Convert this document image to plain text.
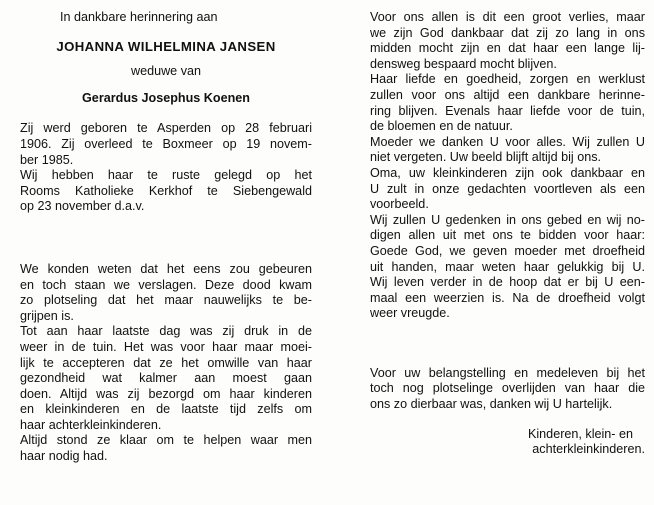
In dankbare herinnering aan
JOHANNA WILHELMINA JANSEN
weduwe van
Gerardus Josephus Koenen
Zij werd geboren te Asperden op 28 februari
1906. Zij overleed te Boxmeer op 19 novem-
ber 1985.
Wij hebben haar te ruste gelegd op het
Rooms Katholieke Kerkhof te Siebengewald
op 23 november d.a.v.
We konden weten dat het eens zou gebeuren
en toch staan we verslagen. Deze dood kwam
zo plotseling dat het maar nauwelijks te be-
grijpen is.
Tot aan haar laatste dag was zij druk in de
weer in de tuin. Het was voor haar maar moei-
lijk te accepteren dat ze het omwille van haar
gezondheid wat kalmer aan moest gaan
doen. Altijd was zij bezorgd om haar kinderen
en kleinkinderen en de laatste tijd zelfs om
haar achterkleinkinderen.
Altijd stond ze klaar om te helpen waar men
haar nodig had.
Voor ons allen is dit een groot verlies, maar
we zijn God dankbaar dat zij zo lang in ons
midden mocht zijn en dat haar een lange lij-
densweg bespaard mocht blijven.
Haar liefde en goedheid, zorgen en werklust
zullen voor ons altijd een dankbare herinne-
ring blijven. Evenals haar liefde voor de tuin,
de bloemen en de natuur.
Moeder we danken U voor alles. Wij zullen U
niet vergeten. Uw beeld blijft altijd bij ons.
Oma, uw kleinkinderen zijn ook dankbaar en
U zult in onze gedachten voortleven als een
voorbeeld.
Wij zullen U gedenken in ons gebed en wij no-
digen allen uit met ons te bidden voor haar:
Goede God, we geven moeder met droefheid
uit handen, maar weten haar gelukkig bij U.
Wij leven verder in de hoop dat er bij U een-
maal een weerzien is. Na de droefheid volgt
weer vreugde.
Voor uw belangstelling en medeleven bij het
toch nog plotselinge overlijden van haar die
ons zo dierbaar was, danken wij U hartelijk.
Kinderen, klein- en
achterkleinkinderen.
